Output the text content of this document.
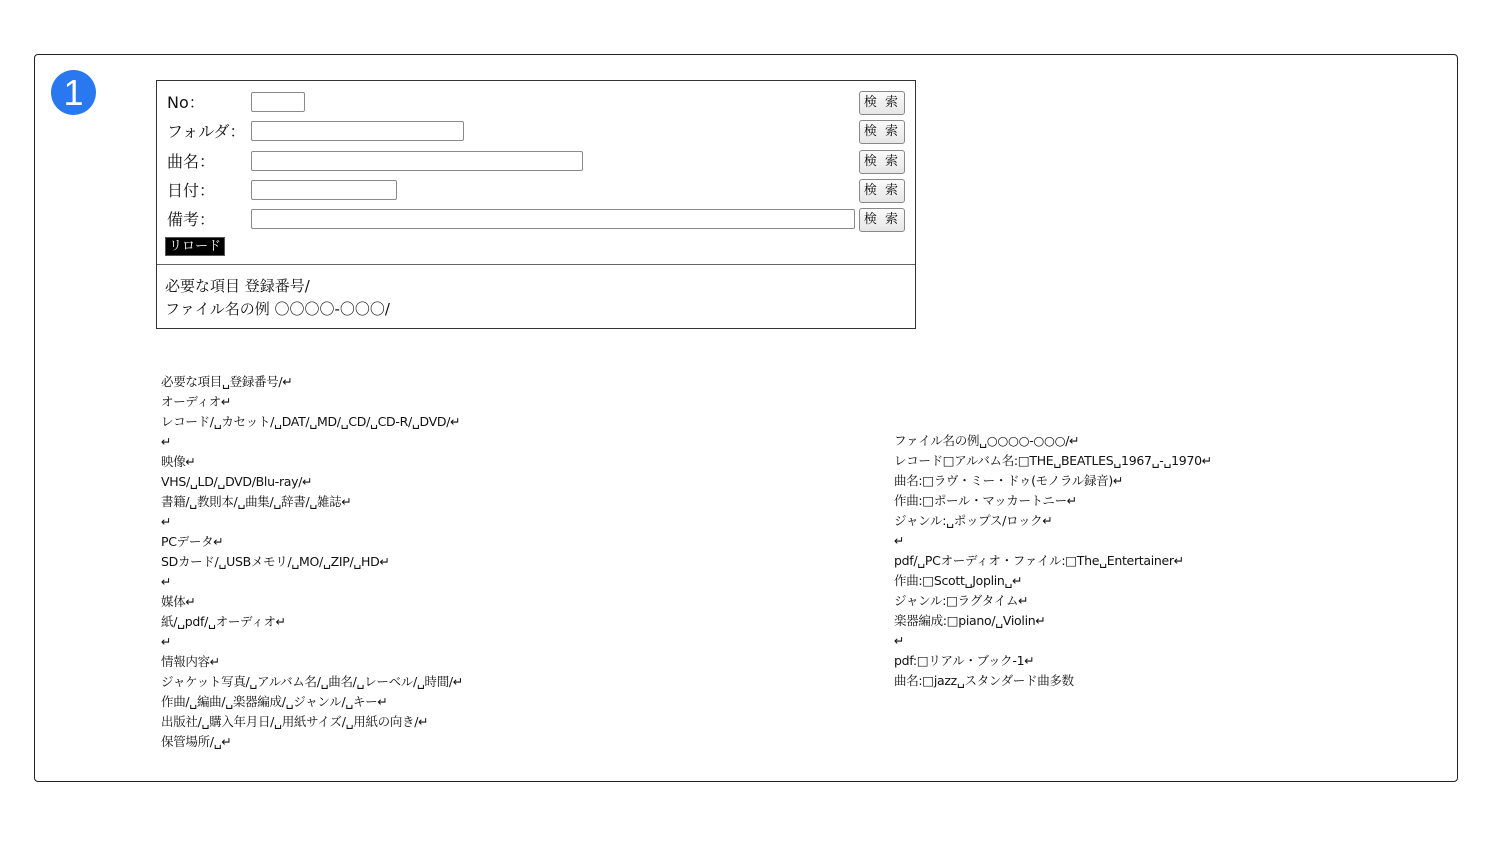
1	No：	検 索
フォルダ：	検 索
曲名：	検 索
日付：	検 索
備考：	検 索
リロード
必要な項目 登録番号/
ファイル名の例 〇〇〇〇-〇〇〇/
必要な項目␣登録番号/↵
オーディオ↵
レコード/␣カセット/␣DAT/␣MD/␣CD/␣CD-R/␣DVD/↵
↵
映像↵
VHS/␣LD/␣DVD/Blu-ray/↵
書籍/␣教則本/␣曲集/␣辞書/␣雑誌↵
↵
PCデータ↵
SDカード/␣USBメモリ/␣MO/␣ZIP/␣HD↵
↵
媒体↵
紙/␣pdf/␣オーディオ↵
↵
情報内容↵
ジャケット写真/␣アルバム名/␣曲名/␣レーベル/␣時間/↵
作曲/␣編曲/␣楽器編成/␣ジャンル/␣キー↵
出版社/␣購入年月日/␣用紙サイズ/␣用紙の向き/↵
保管場所/␣↵
ファイル名の例␣○○○○-○○○/↵
レコード□アルバム名:□THE␣BEATLES␣1967␣-␣1970↵
曲名:□ラヴ・ミー・ドゥ(モノラル録音)↵
作曲:□ポール・マッカートニー↵
ジャンル:␣ポップス/ロック↵
↵
pdf/␣PCオーディオ・ファイル:□The␣Entertainer↵
作曲:□Scott␣Joplin␣↵
ジャンル:□ラグタイム↵
楽器編成:□piano/␣Violin↵
↵
pdf:□リアル・ブック-1↵
曲名:□jazz␣スタンダード曲多数
